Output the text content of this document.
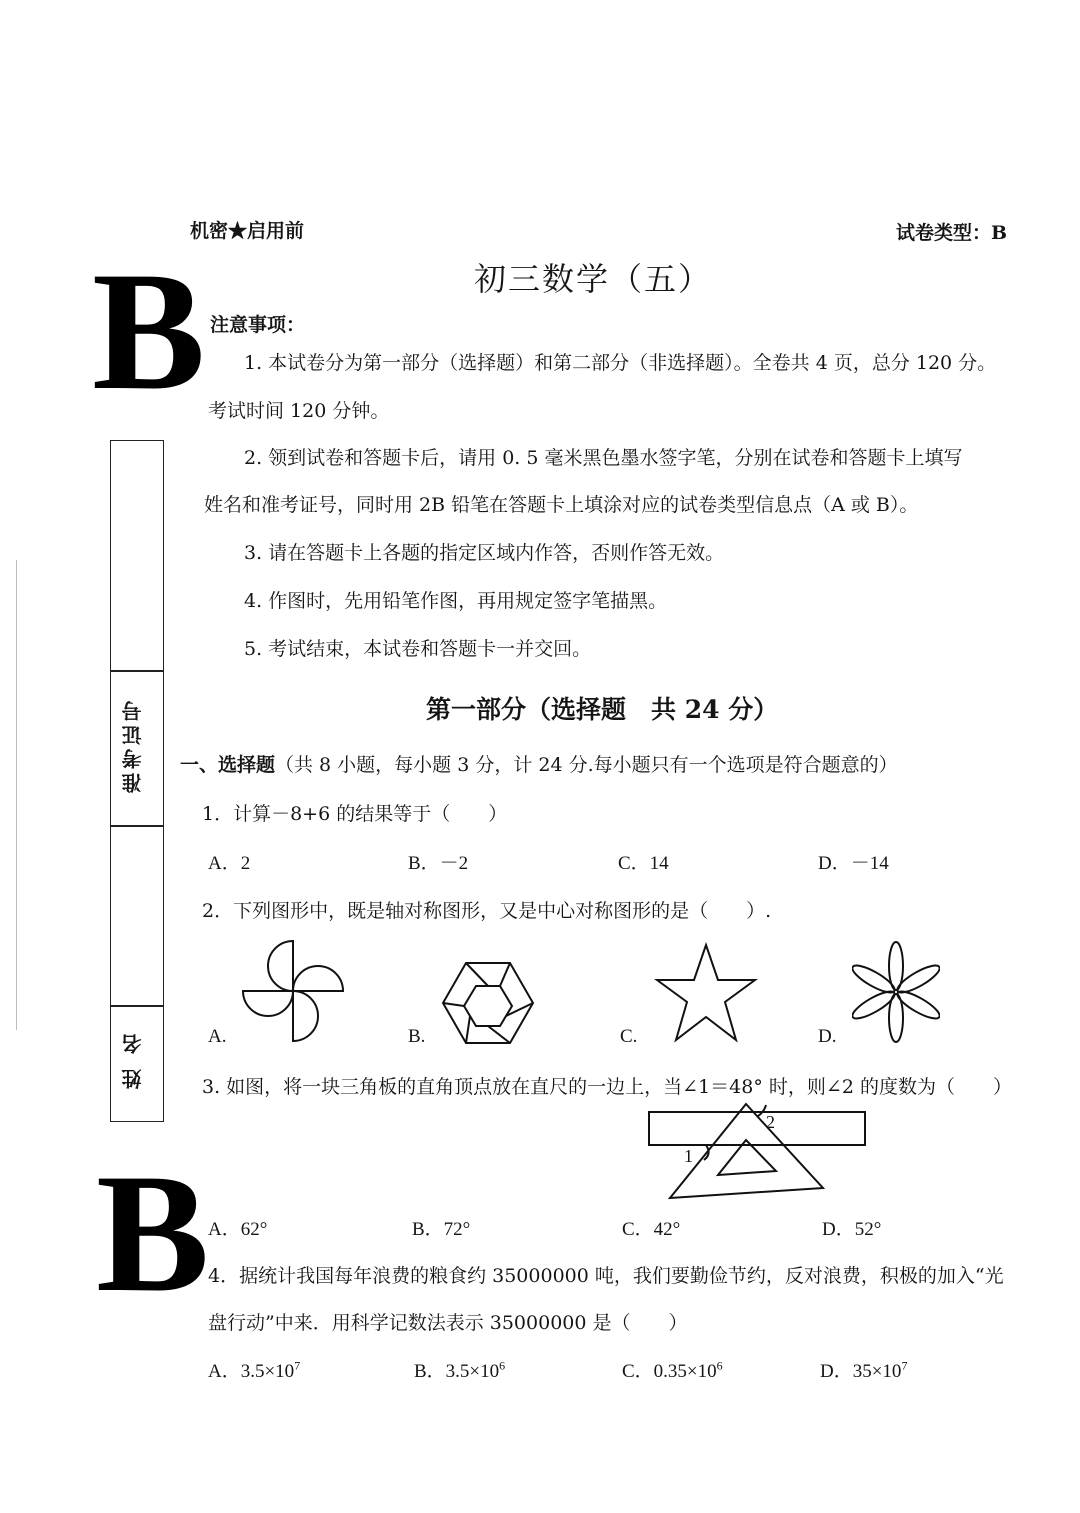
机密★启用前	试卷类型：B
初三数学（五）
B
B
准考证号
姓 名
注意事项：
1. 本试卷分为第一部分（选择题）和第二部分（非选择题）。全卷共 4 页，总分 120 分。
考试时间 120 分钟。
2. 领到试卷和答题卡后，请用 0. 5 毫米黑色墨水签字笔，分别在试卷和答题卡上填写
姓名和准考证号，同时用 2B 铅笔在答题卡上填涂对应的试卷类型信息点（A 或 B）。
3. 请在答题卡上各题的指定区域内作答，否则作答无效。
4. 作图时，先用铅笔作图，再用规定签字笔描黑。
5. 考试结束，本试卷和答题卡一并交回。
第一部分（选择题　共 24 分）
一、选择题（共 8 小题，每小题 3 分，计 24 分.每小题只有一个选项是符合题意的）
1．计算－8+6 的结果等于（　　）
A．2	B．－2	C．14	D．－14
2．下列图形中，既是轴对称图形，又是中心对称图形的是（　　）.
A.	B.	C.	D.
3. 如图，将一块三角板的直角顶点放在直尺的一边上，当∠1＝48° 时，则∠2 的度数为（　　）
2
1
A．62°	B．72°	C．42°	D．52°
4．据统计我国每年浪费的粮食约 35000000 吨，我们要勤俭节约，反对浪费，积极的加入“光
盘行动”中来．用科学记数法表示 35000000 是（　　）
A．$3.5\times 10^7$	B．$3.5\times 10^6$	C．$0.35\times 10^6$	D．$35\times 10^7$
